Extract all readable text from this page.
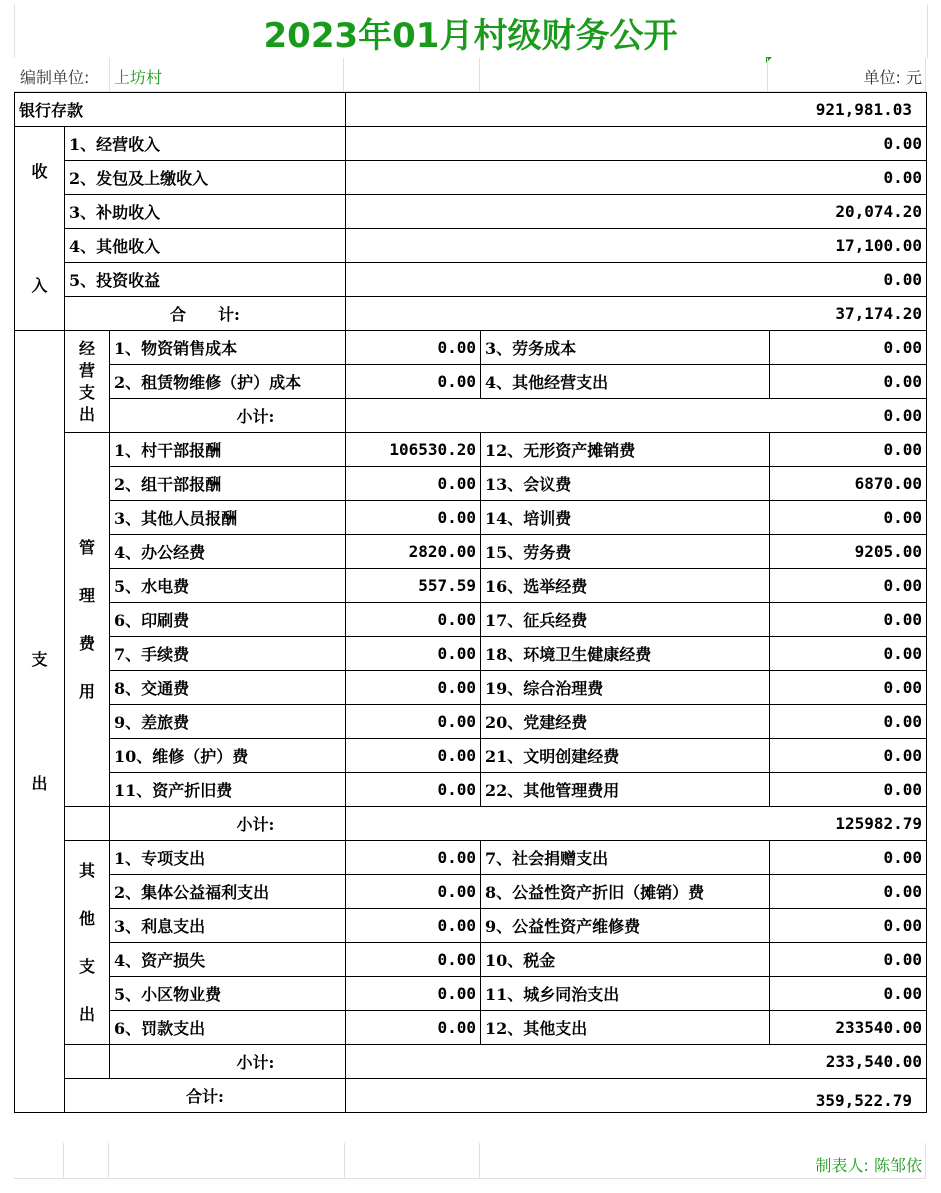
2023年01月村级财务公开
编制单位: 上坊村	单位: 元
银行存款			921,981.03		

收
入	1、经营收入		0.00		
	2、发包及上缴收入		0.00		
	3、补助收入		20,074.20		
	4、其他收入		17,100.00		
	5、投资收益		0.00		
	合　　计:		37,174.20		

支
出	经
营
支
出	1、物资销售成本	0.00	3、劳务成本	0.00
		2、租赁物维修（护）成本	0.00	4、其他经营支出	0.00
		小计:	0.00		

	管
理
费
用	1、村干部报酬	106530.20	12、无形资产摊销费	0.00
		2、组干部报酬	0.00	13、会议费	6870.00
		3、其他人员报酬	0.00	14、培训费	0.00
		4、办公经费	2820.00	15、劳务费	9205.00
		5、水电费	557.59	16、选举经费	0.00
		6、印刷费	0.00	17、征兵经费	0.00
		7、手续费	0.00	18、环境卫生健康经费	0.00
		8、交通费	0.00	19、综合治理费	0.00
		9、差旅费	0.00	20、党建经费	0.00
		10、维修（护）费	0.00	21、文明创建经费	0.00
		11、资产折旧费	0.00	22、其他管理费用	0.00
		小计:	125982.79		

	其
他
支
出	1、专项支出	0.00	7、社会捐赠支出	0.00
		2、集体公益福利支出	0.00	8、公益性资产折旧（摊销）费	0.00
		3、利息支出	0.00	9、公益性资产维修费	0.00
		4、资产损失	0.00	10、税金	0.00
		5、小区物业费	0.00	11、城乡同治支出	0.00
		6、罚款支出	0.00	12、其他支出	233540.00
		小计:	233,540.00		
	合计:		359,522.79		
制表人: 陈邹依
